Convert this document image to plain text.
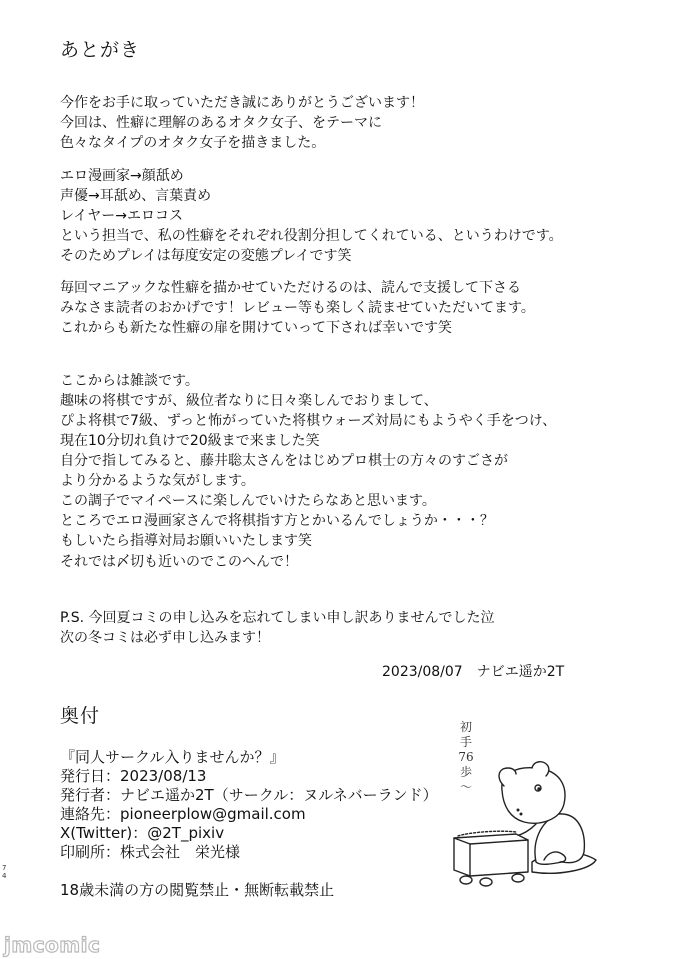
あとがき
今作をお手に取っていただき誠にありがとうございます！
今回は、性癖に理解のあるオタク女子、をテーマに
色々なタイプのオタク女子を描きました。
エロ漫画家→顔舐め
声優→耳舐め、言葉責め
レイヤー→エロコス
という担当で、私の性癖をそれぞれ役割分担してくれている、というわけです。
そのためプレイは毎度安定の変態プレイです笑
毎回マニアックな性癖を描かせていただけるのは、読んで支援して下さる
みなさま読者のおかげです！レビュー等も楽しく読ませていただいてます。
これからも新たな性癖の扉を開けていって下されば幸いです笑
ここからは雑談です。
趣味の将棋ですが、級位者なりに日々楽しんでおりまして、
ぴよ将棋で7級、ずっと怖がっていた将棋ウォーズ対局にもようやく手をつけ、
現在10分切れ負けで20級まで来ました笑
自分で指してみると、藤井聡太さんをはじめプロ棋士の方々のすごさが
より分かるような気がします。
この調子でマイペースに楽しんでいけたらなあと思います。
ところでエロ漫画家さんで将棋指す方とかいるんでしょうか・・・？
もしいたら指導対局お願いいたします笑
それでは〆切も近いのでこのへんで！
P.S. 今回夏コミの申し込みを忘れてしまい申し訳ありませんでした泣
次の冬コミは必ず申し込みます！
2023/08/07　ナビエ遥か2T
奥付
『同人サークル入りませんか？』
発行日：2023/08/13
発行者：ナビエ遥か2T（サークル：ヌルネバーランド）
連絡先：pioneerplow@gmail.com
X(Twitter)：@2T_pixiv
印刷所：株式会社　栄光様
18歳未満の方の閲覧禁止・無断転載禁止
74
初手76歩～
jmcomic
